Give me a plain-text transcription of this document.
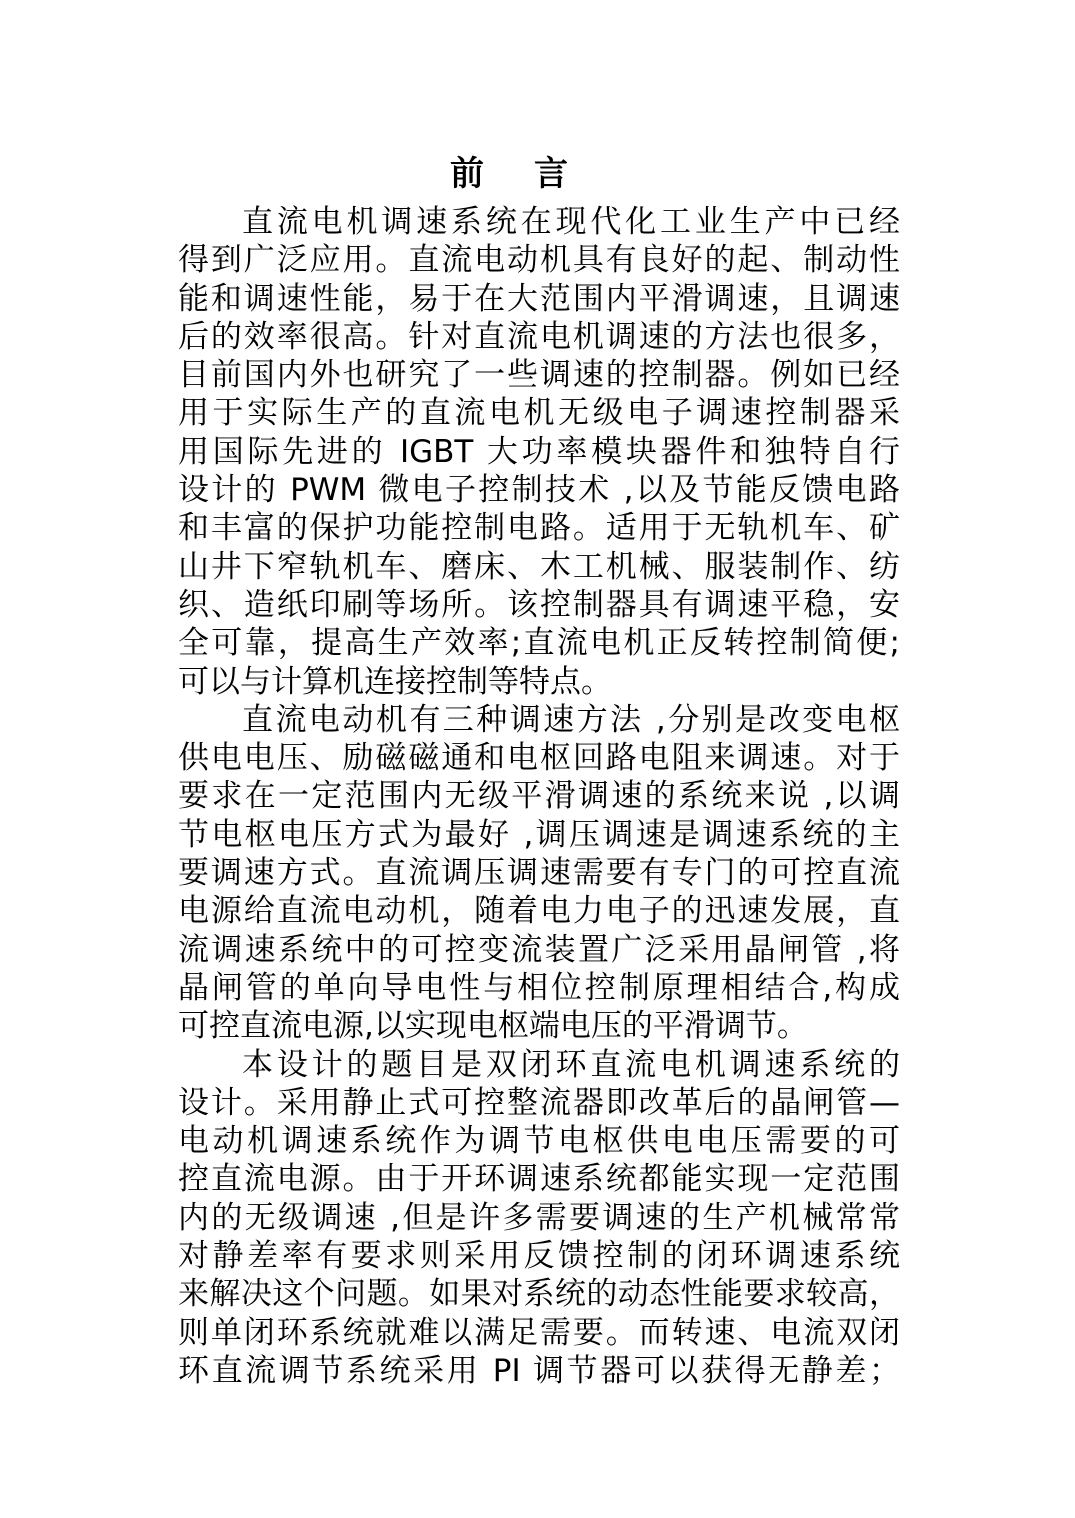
前 言
直流电机调速系统在现代化工业生产中已经
得到广泛应用。直流电动机具有良好的起、制动性
能和调速性能，易于在大范围内平滑调速，且调速
后的效率很高。针对直流电机调速的方法也很多，
目前国内外也研究了一些调速的控制器。例如已经
用于实际生产的直流电机无级电子调速控制器采
用国际先进的 IGBT 大功率模块器件和独特自行
设计的 PWM 微电子控制技术 ,以及节能反馈电路
和丰富的保护功能控制电路。适用于无轨机车、矿
山井下窄轨机车、磨床、木工机械、服装制作、纺
织、造纸印刷等场所。该控制器具有调速平稳，安
全可靠，提高生产效率;直流电机正反转控制简便;
可以与计算机连接控制等特点。
直流电动机有三种调速方法 ,分别是改变电枢
供电电压、励磁磁通和电枢回路电阻来调速。对于
要求在一定范围内无级平滑调速的系统来说 ,以调
节电枢电压方式为最好 ,调压调速是调速系统的主
要调速方式。直流调压调速需要有专门的可控直流
电源给直流电动机，随着电力电子的迅速发展，直
流调速系统中的可控变流装置广泛采用晶闸管 ,将
晶闸管的单向导电性与相位控制原理相结合,构成
可控直流电源,以实现电枢端电压的平滑调节。
本设计的题目是双闭环直流电机调速系统的
设计。采用静止式可控整流器即改革后的晶闸管—
电动机调速系统作为调节电枢供电电压需要的可
控直流电源。由于开环调速系统都能实现一定范围
内的无级调速 ,但是许多需要调速的生产机械常常
对静差率有要求则采用反馈控制的闭环调速系统
来解决这个问题。如果对系统的动态性能要求较高，
则单闭环系统就难以满足需要。而转速、电流双闭
环直流调节系统采用 PI 调节器可以获得无静差；
